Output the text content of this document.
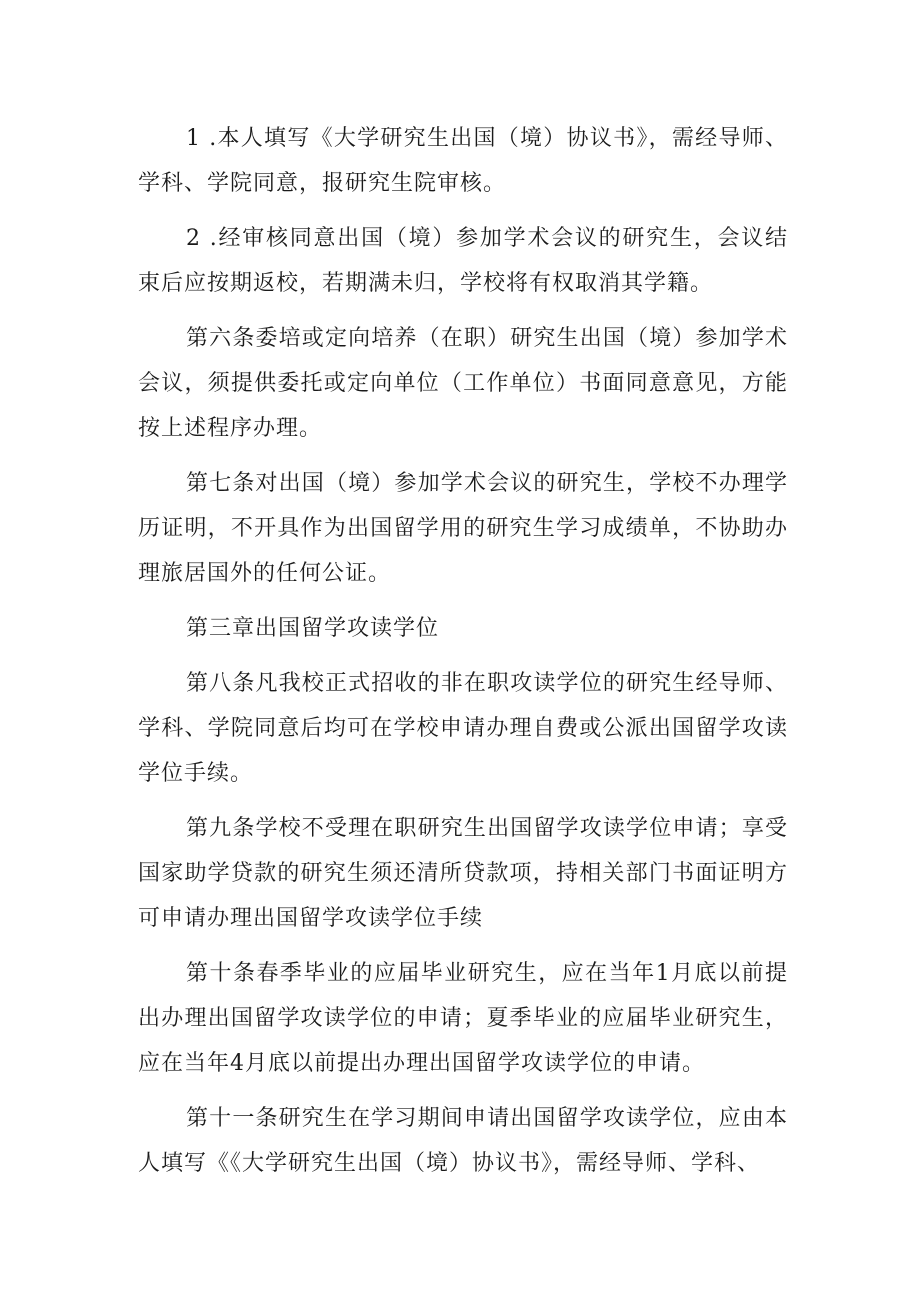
1 .本人填写《大学研究生出国（境）协议书》，需经导师、学科、学院同意，报研究生院审核。

2 .经审核同意出国（境）参加学术会议的研究生，会议结束后应按期返校，若期满未归，学校将有权取消其学籍。

第六条委培或定向培养（在职）研究生出国（境）参加学术会议，须提供委托或定向单位（工作单位）书面同意意见，方能按上述程序办理。

第七条对出国（境）参加学术会议的研究生，学校不办理学历证明，不开具作为出国留学用的研究生学习成绩单，不协助办理旅居国外的任何公证。

第三章出国留学攻读学位

第八条凡我校正式招收的非在职攻读学位的研究生经导师、学科、学院同意后均可在学校申请办理自费或公派出国留学攻读学位手续。

第九条学校不受理在职研究生出国留学攻读学位申请；享受国家助学贷款的研究生须还清所贷款项，持相关部门书面证明方可申请办理出国留学攻读学位手续

第十条春季毕业的应届毕业研究生，应在当年1月底以前提出办理出国留学攻读学位的申请；夏季毕业的应届毕业研究生，应在当年4月底以前提出办理出国留学攻读学位的申请。

第十一条研究生在学习期间申请出国留学攻读学位，应由本人填写《《大学研究生出国（境）协议书》，需经导师、学科、
